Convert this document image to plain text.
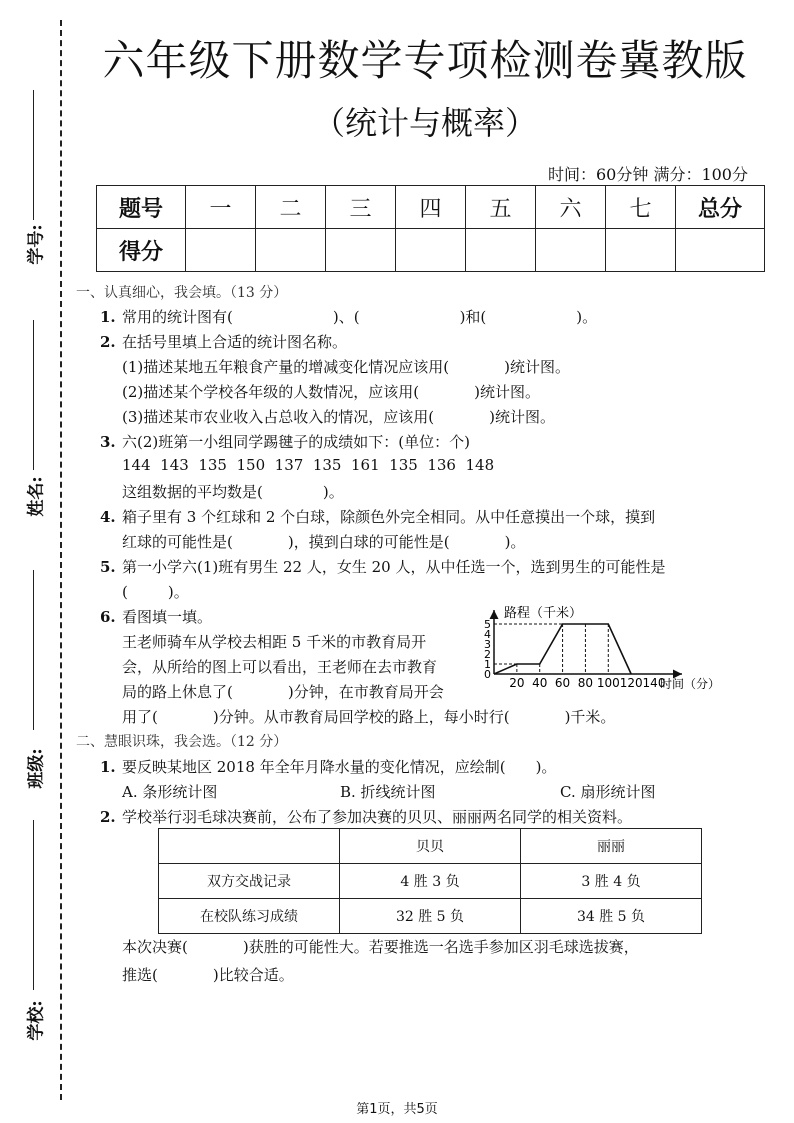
学号:
姓名:
班级:
学校:
六年级下册数学专项检测卷冀教版
（统计与概率）
时间：60分钟 满分：100分
题号	一	二	三	四	五	六	七	总分
得分								
一、认真细心，我会填。（13 分）
1. 常用的统计图有(	)、(	)和(	)。
2. 在括号里填上合适的统计图名称。
(1)描述某地五年粮食产量的增减变化情况应该用(	)统计图。
(2)描述某个学校各年级的人数情况，应该用(	)统计图。
(3)描述某市农业收入占总收入的情况，应该用(	)统计图。
3. 六(2)班第一小组同学踢毽子的成绩如下：(单位：个)
144  143  135  150  137  135  161  135  136  148
这组数据的平均数是(	)。
4. 箱子里有 3 个红球和 2 个白球，除颜色外完全相同。从中任意摸出一个球，摸到
红球的可能性是(	)，摸到白球的可能性是(	)。
5. 第一小学六(1)班有男生 22 人，女生 20 人，从中任选一个，选到男生的可能性是
(	)。
6. 看图填一填。
王老师骑车从学校去相距 5 千米的市教育局开
会，从所给的图上可以看出，王老师在去市教育
局的路上休息了(	)分钟，在市教育局开会
用了(	)分钟。从市教育局回学校的路上，每小时行(	)千米。
路程（千米）
时间（分）
20 40 60 80 100 120 140
0
1
2
3
4
5
二、慧眼识珠，我会选。（12 分）
1. 要反映某地区 2018 年全年月降水量的变化情况，应绘制( )。
A. 条形统计图	B. 折线统计图	C. 扇形统计图
2. 学校举行羽毛球决赛前，公布了参加决赛的贝贝、丽丽两名同学的相关资料。
	贝贝	丽丽
双方交战记录	4 胜 3 负	3 胜 4 负
在校队练习成绩	32 胜 5 负	34 胜 5 负
本次决赛(	)获胜的可能性大。若要推选一名选手参加区羽毛球选拔赛，
推选(	)比较合适。
第1页，共5页
